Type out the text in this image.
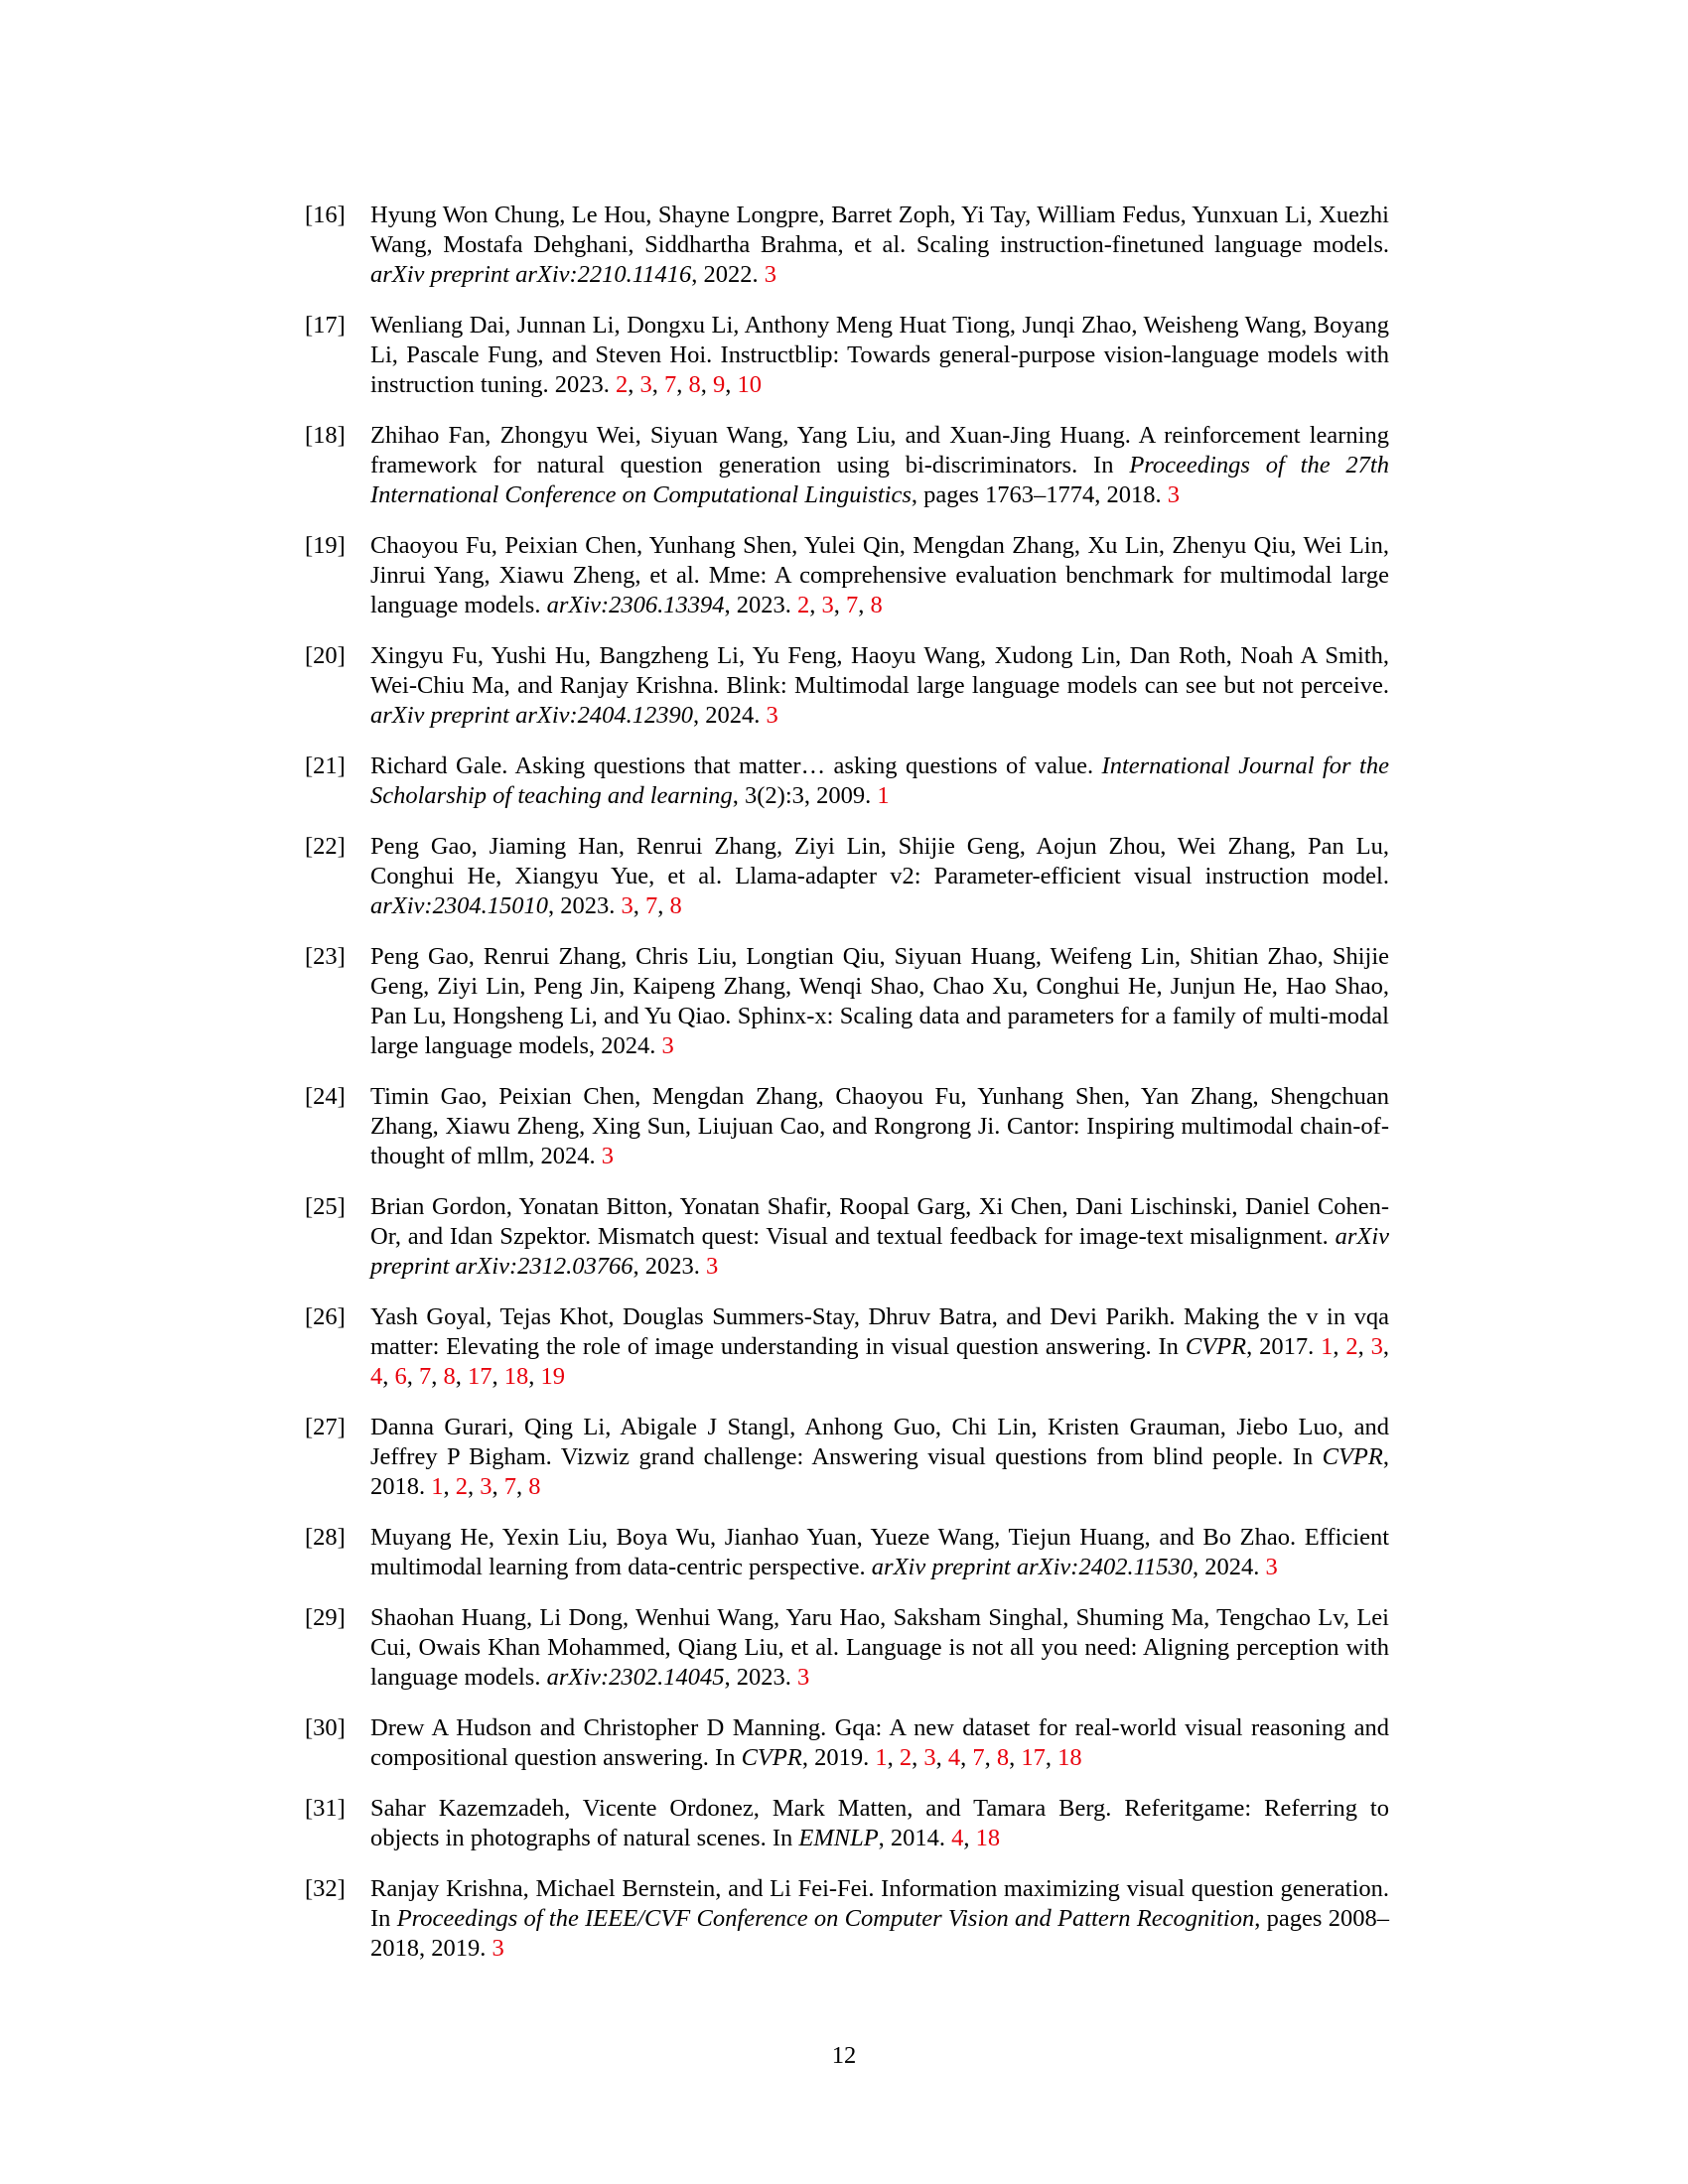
[16] Hyung Won Chung, Le Hou, Shayne Longpre, Barret Zoph, Yi Tay, William Fedus, Yunxuan Li, Xuezhi Wang, Mostafa Dehghani, Siddhartha Brahma, et al. Scaling instruction-finetuned language models. arXiv preprint arXiv:2210.11416, 2022. 3
[17] Wenliang Dai, Junnan Li, Dongxu Li, Anthony Meng Huat Tiong, Junqi Zhao, Weisheng Wang, Boyang Li, Pascale Fung, and Steven Hoi. Instructblip: Towards general-purpose vision-language models with instruction tuning. 2023. 2, 3, 7, 8, 9, 10
[18] Zhihao Fan, Zhongyu Wei, Siyuan Wang, Yang Liu, and Xuan-Jing Huang. A reinforcement learning framework for natural question generation using bi-discriminators. In Proceedings of the 27th International Conference on Computational Linguistics, pages 1763–1774, 2018. 3
[19] Chaoyou Fu, Peixian Chen, Yunhang Shen, Yulei Qin, Mengdan Zhang, Xu Lin, Zhenyu Qiu, Wei Lin, Jinrui Yang, Xiawu Zheng, et al. Mme: A comprehensive evaluation benchmark for multimodal large language models. arXiv:2306.13394, 2023. 2, 3, 7, 8
[20] Xingyu Fu, Yushi Hu, Bangzheng Li, Yu Feng, Haoyu Wang, Xudong Lin, Dan Roth, Noah A Smith, Wei-Chiu Ma, and Ranjay Krishna. Blink: Multimodal large language models can see but not perceive. arXiv preprint arXiv:2404.12390, 2024. 3
[21] Richard Gale. Asking questions that matter… asking questions of value. International Journal for the Scholarship of teaching and learning, 3(2):3, 2009. 1
[22] Peng Gao, Jiaming Han, Renrui Zhang, Ziyi Lin, Shijie Geng, Aojun Zhou, Wei Zhang, Pan Lu, Conghui He, Xiangyu Yue, et al. Llama-adapter v2: Parameter-efficient visual instruction model. arXiv:2304.15010, 2023. 3, 7, 8
[23] Peng Gao, Renrui Zhang, Chris Liu, Longtian Qiu, Siyuan Huang, Weifeng Lin, Shitian Zhao, Shijie Geng, Ziyi Lin, Peng Jin, Kaipeng Zhang, Wenqi Shao, Chao Xu, Conghui He, Junjun He, Hao Shao, Pan Lu, Hongsheng Li, and Yu Qiao. Sphinx-x: Scaling data and parameters for a family of multi-modal large language models, 2024. 3
[24] Timin Gao, Peixian Chen, Mengdan Zhang, Chaoyou Fu, Yunhang Shen, Yan Zhang, Shengchuan Zhang, Xiawu Zheng, Xing Sun, Liujuan Cao, and Rongrong Ji. Cantor: Inspiring multimodal chain-of-thought of mllm, 2024. 3
[25] Brian Gordon, Yonatan Bitton, Yonatan Shafir, Roopal Garg, Xi Chen, Dani Lischinski, Daniel Cohen-Or, and Idan Szpektor. Mismatch quest: Visual and textual feedback for image-text misalignment. arXiv preprint arXiv:2312.03766, 2023. 3
[26] Yash Goyal, Tejas Khot, Douglas Summers-Stay, Dhruv Batra, and Devi Parikh. Making the v in vqa matter: Elevating the role of image understanding in visual question answering. In CVPR, 2017. 1, 2, 3, 4, 6, 7, 8, 17, 18, 19
[27] Danna Gurari, Qing Li, Abigale J Stangl, Anhong Guo, Chi Lin, Kristen Grauman, Jiebo Luo, and Jeffrey P Bigham. Vizwiz grand challenge: Answering visual questions from blind people. In CVPR, 2018. 1, 2, 3, 7, 8
[28] Muyang He, Yexin Liu, Boya Wu, Jianhao Yuan, Yueze Wang, Tiejun Huang, and Bo Zhao. Efficient multimodal learning from data-centric perspective. arXiv preprint arXiv:2402.11530, 2024. 3
[29] Shaohan Huang, Li Dong, Wenhui Wang, Yaru Hao, Saksham Singhal, Shuming Ma, Tengchao Lv, Lei Cui, Owais Khan Mohammed, Qiang Liu, et al. Language is not all you need: Aligning perception with language models. arXiv:2302.14045, 2023. 3
[30] Drew A Hudson and Christopher D Manning. Gqa: A new dataset for real-world visual reasoning and compositional question answering. In CVPR, 2019. 1, 2, 3, 4, 7, 8, 17, 18
[31] Sahar Kazemzadeh, Vicente Ordonez, Mark Matten, and Tamara Berg. Referitgame: Referring to objects in photographs of natural scenes. In EMNLP, 2014. 4, 18
[32] Ranjay Krishna, Michael Bernstein, and Li Fei-Fei. Information maximizing visual question generation. In Proceedings of the IEEE/CVF Conference on Computer Vision and Pattern Recognition, pages 2008–2018, 2019. 3
12
